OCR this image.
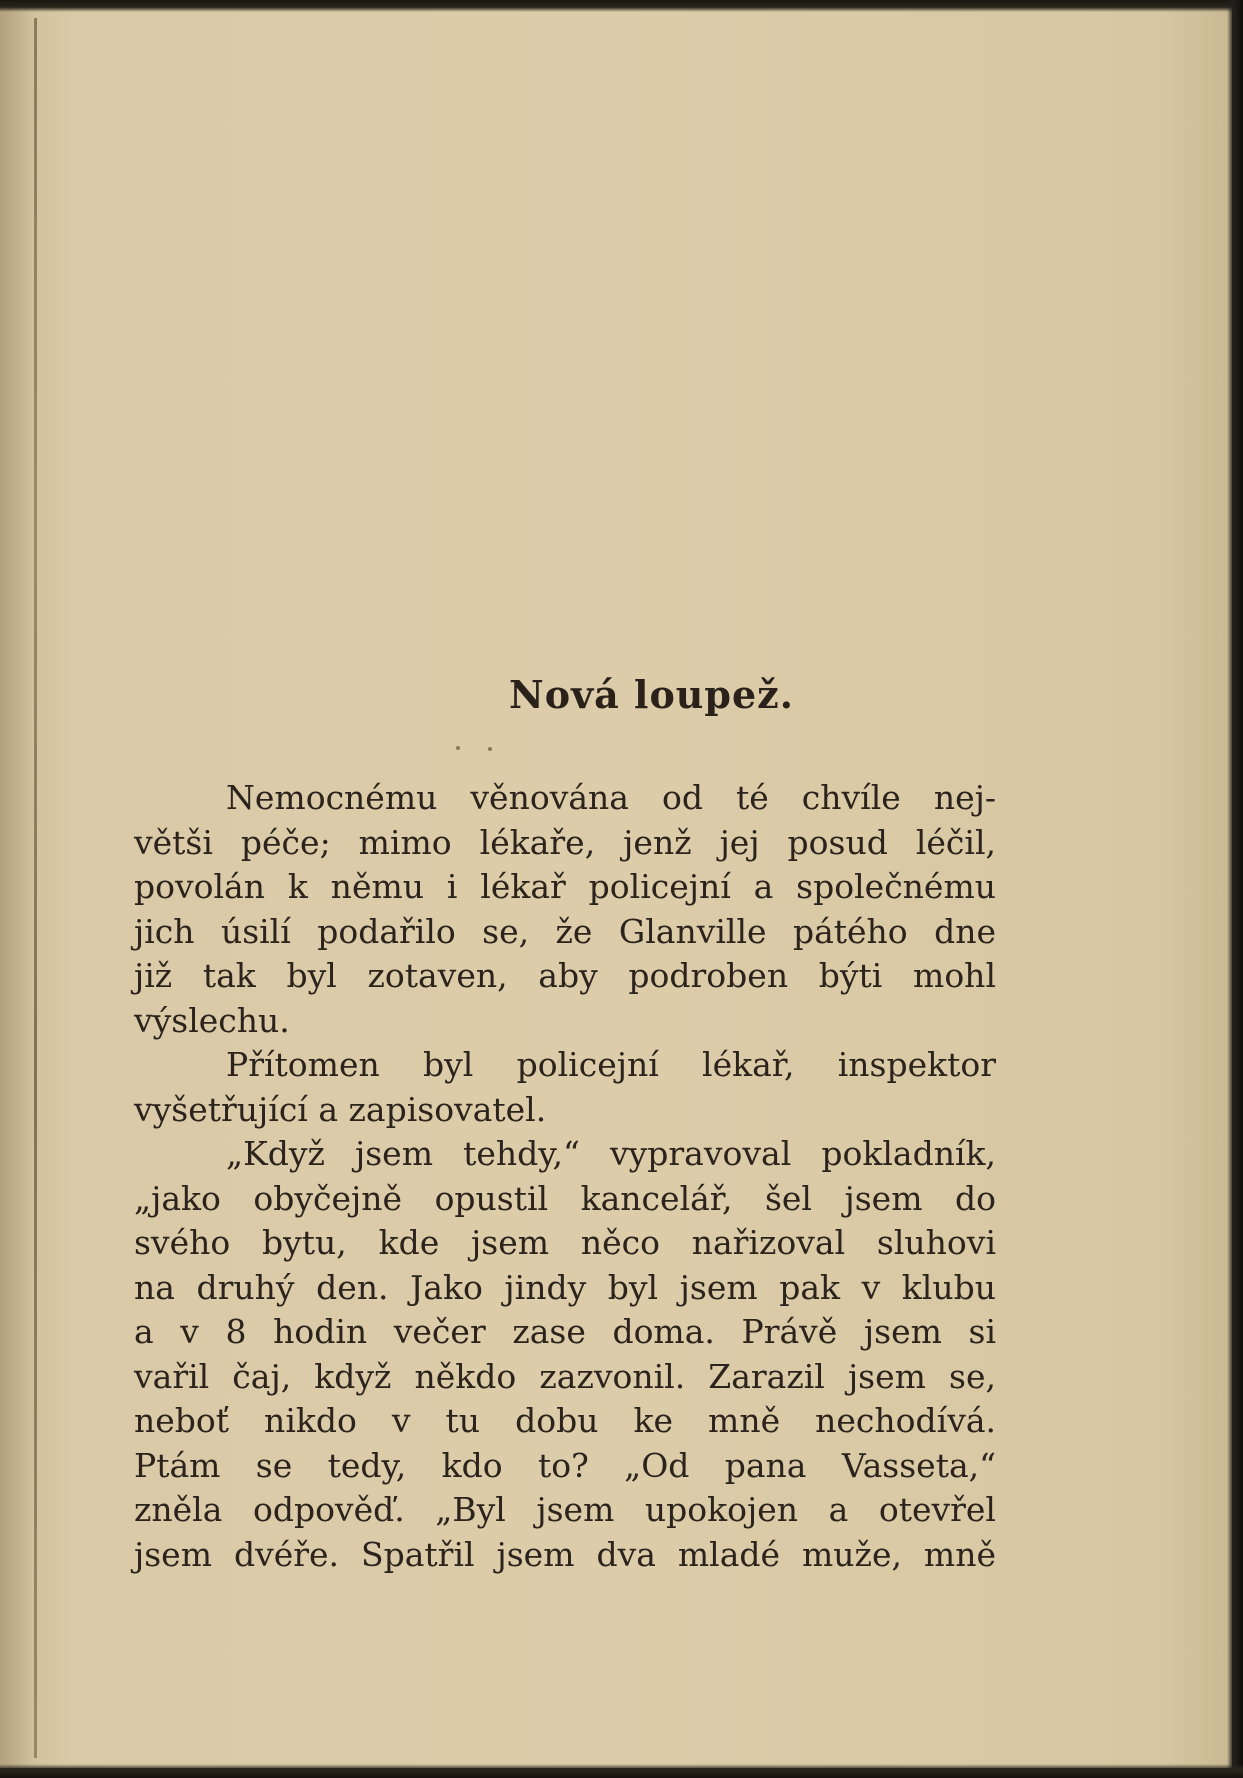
Nová loupež.
Nemocnému věnována od té chvíle nej-
větši péče; mimo lékaře, jenž jej posud léčil,
povolán k němu i lékař policejní a společnému
jich úsilí podařilo se, že Glanville pátého dne
již tak byl zotaven, aby podroben býti mohl
výslechu.
Přítomen byl policejní lékař, inspektor
vyšetřující a zapisovatel.
„Když jsem tehdy,“ vypravoval pokladník,
„jako obyčejně opustil kancelář, šel jsem do
svého bytu, kde jsem něco nařizoval sluhovi
na druhý den. Jako jindy byl jsem pak v klubu
a v 8 hodin večer zase doma. Právě jsem si
vařil čaj, když někdo zazvonil. Zarazil jsem se,
neboť nikdo v tu dobu ke mně nechodívá.
Ptám se tedy, kdo to? „Od pana Vasseta,“
zněla odpověď. „Byl jsem upokojen a otevřel
jsem dvéře. Spatřil jsem dva mladé muže, mně
